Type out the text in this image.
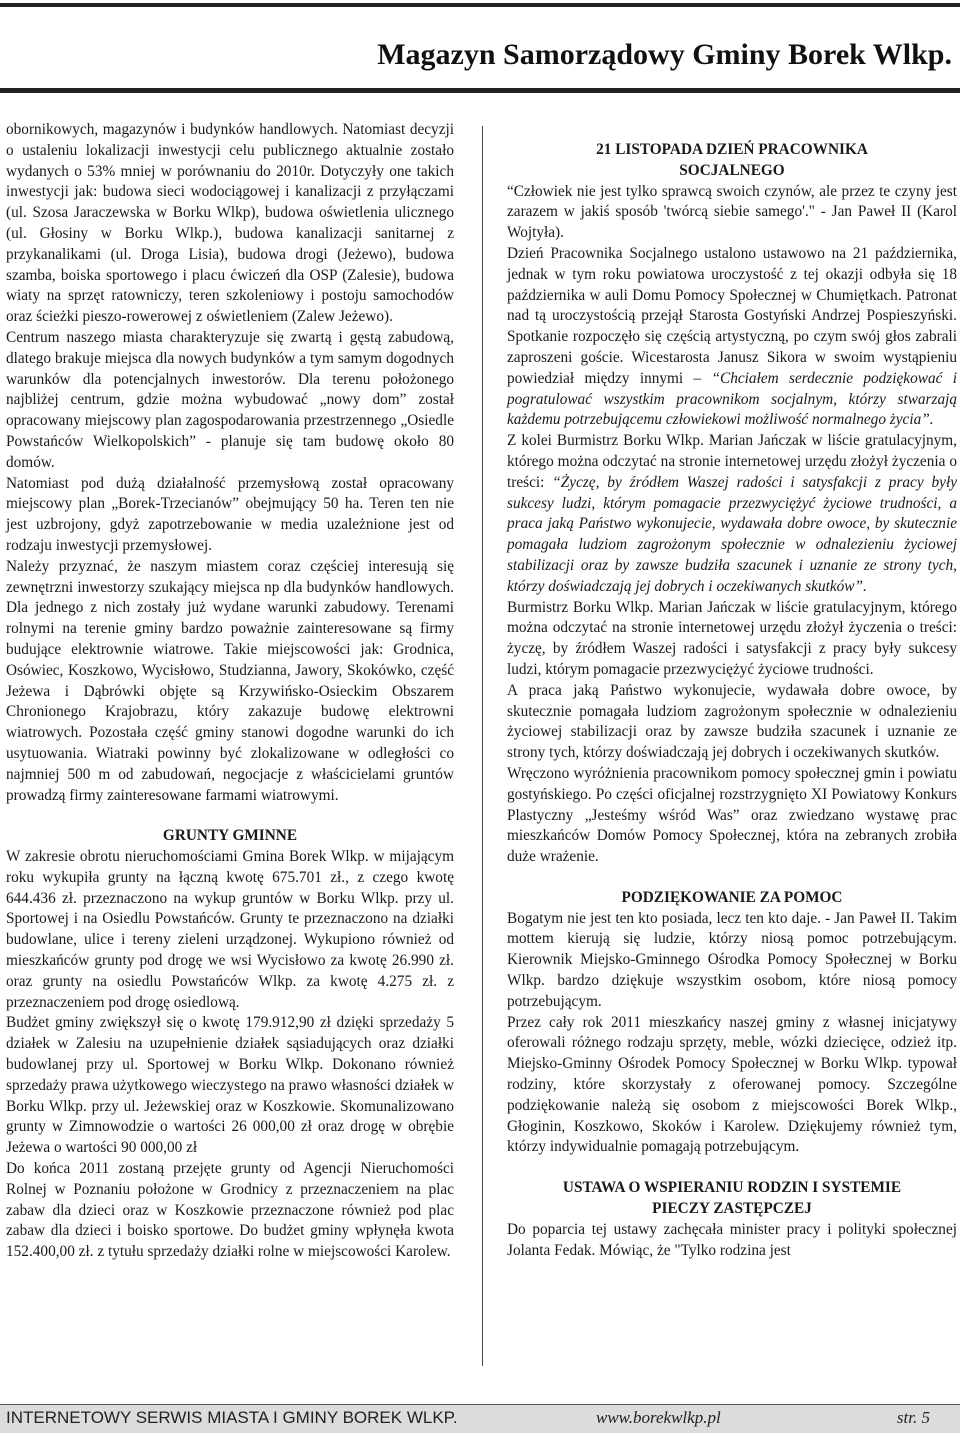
Magazyn Samorządowy Gminy Borek Wlkp.

obornikowych, magazynów i budynków handlowych. Natomiast decyzji o ustaleniu lokalizacji inwestycji celu publicznego aktualnie zostało wydanych o 53% mniej w porównaniu do 2010r. Dotyczyły one takich inwestycji jak: budowa sieci wodociągowej i kanalizacji z przyłączami (ul. Szosa Jaraczewska w Borku Wlkp), budowa oświetlenia ulicznego (ul. Głosiny w Borku Wlkp.), budowa kanalizacji sanitarnej z przykanalikami (ul. Droga Lisia), budowa drogi (Jeżewo), budowa szamba, boiska sportowego i placu ćwiczeń dla OSP (Zalesie), budowa wiaty na sprzęt ratowniczy, teren szkoleniowy i postoju samochodów oraz ścieżki pieszo-rowerowej z oświetleniem (Zalew Jeżewo).

Centrum naszego miasta charakteryzuje się zwartą i gęstą zabudową, dlatego brakuje miejsca dla nowych budynków a tym samym dogodnych warunków dla potencjalnych inwestorów. Dla terenu położonego najbliżej centrum, gdzie można wybudować „nowy dom” został opracowany miejscowy plan zagospodarowania przestrzennego „Osiedle Powstańców Wielkopolskich” - planuje się tam budowę około 80 domów.

Natomiast pod dużą działalność przemysłową został opracowany miejscowy plan „Borek-Trzecianów” obejmujący 50 ha. Teren ten nie jest uzbrojony, gdyż zapotrzebowanie w media uzależnione jest od rodzaju inwestycji przemysłowej.

Należy przyznać, że naszym miastem coraz częściej interesują się zewnętrzni inwestorzy szukający miejsca np dla budynków handlowych. Dla jednego z nich zostały już wydane warunki zabudowy. Terenami rolnymi na terenie gminy bardzo poważnie zainteresowane są firmy budujące elektrownie wiatrowe. Takie miejscowości jak: Grodnica, Osówiec, Koszkowo, Wycisłowo, Studzianna, Jawory, Skokówko, część Jeżewa i Dąbrówki objęte są Krzywińsko-Osieckim Obszarem Chronionego Krajobrazu, który zakazuje budowę elektrowni wiatrowych. Pozostała część gminy stanowi dogodne warunki do ich usytuowania. Wiatraki powinny być zlokalizowane w odległości co najmniej 500 m od zabudowań, negocjacje z właścicielami gruntów prowadzą firmy zainteresowane farmami wiatrowymi.

GRUNTY GMINNE

W zakresie obrotu nieruchomościami Gmina Borek Wlkp. w mijającym roku wykupiła grunty na łączną kwotę 675.701 zł., z czego kwotę 644.436 zł. przeznaczono na wykup gruntów w Borku Wlkp. przy ul. Sportowej i na Osiedlu Powstańców. Grunty te przeznaczono na działki budowlane, ulice i tereny zieleni urządzonej. Wykupiono również od mieszkańców grunty pod drogę we wsi Wycisłowo za kwotę 26.990 zł. oraz grunty na osiedlu Powstańców Wlkp. za kwotę 4.275 zł. z przeznaczeniem pod drogę osiedlową.

Budżet gminy zwiększył się o kwotę 179.912,90 zł dzięki sprzedaży 5 działek w Zalesiu na uzupełnienie działek sąsiadujących oraz działki budowlanej przy ul. Sportowej w Borku Wlkp. Dokonano również sprzedaży prawa użytkowego wieczystego na prawo własności działek w Borku Wlkp. przy ul. Jeżewskiej oraz w Koszkowie. Skomunalizowano grunty w Zimnowodzie o wartości 26 000,00 zł oraz drogę w obrębie Jeżewa o wartości 90 000,00 zł

Do końca 2011 zostaną przejęte grunty od Agencji Nieruchomości Rolnej w Poznaniu położone w Grodnicy z przeznaczeniem na plac zabaw dla dzieci oraz w Koszkowie przeznaczone również pod plac zabaw dla dzieci i boisko sportowe. Do budżet gminy wpłynęła kwota 152.400,00 zł. z tytułu sprzedaży działki rolne w miejscowości Karolew.

21 LISTOPADA DZIEŃ PRACOWNIKA
SOCJALNEGO

“Człowiek nie jest tylko sprawcą swoich czynów, ale przez te czyny jest zarazem w jakiś sposób 'twórcą siebie samego'." - Jan Paweł II (Karol Wojtyła).

Dzień Pracownika Socjalnego ustalono ustawowo na 21 października, jednak w tym roku powiatowa uroczystość z tej okazji odbyła się 18 października w auli Domu Pomocy Społecznej w Chumiętkach. Patronat nad tą uroczystością przejął Starosta Gostyński Andrzej Pospieszyński. Spotkanie rozpoczęło się częścią artystyczną, po czym swój głos zabrali zaproszeni goście. Wicestarosta Janusz Sikora w swoim wystąpieniu powiedział między innymi – “Chciałem serdecznie podziękować i pogratulować wszystkim pracownikom socjalnym, którzy stwarzają każdemu potrzebującemu człowiekowi możliwość normalnego życia”.

Z kolei Burmistrz Borku Wlkp. Marian Jańczak w liście gratulacyjnym, którego można odczytać na stronie internetowej urzędu złożył życzenia o treści: “Życzę, by źródłem Waszej radości i satysfakcji z pracy były sukcesy ludzi, którym pomagacie przezwyciężyć życiowe trudności, a praca jaką Państwo wykonujecie, wydawała dobre owoce, by skutecznie pomagała ludziom zagrożonym społecznie w odnalezieniu życiowej stabilizacji oraz by zawsze budziła szacunek i uznanie ze strony tych, którzy doświadczają jej dobrych i oczekiwanych skutków”.

Burmistrz Borku Wlkp. Marian Jańczak w liście gratulacyjnym, którego można odczytać na stronie internetowej urzędu złożył życzenia o treści: życzę, by źródłem Waszej radości i satysfakcji z pracy były sukcesy ludzi, którym pomagacie przezwyciężyć życiowe trudności.

A praca jaką Państwo wykonujecie, wydawała dobre owoce, by skutecznie pomagała ludziom zagrożonym społecznie w odnalezieniu życiowej stabilizacji oraz by zawsze budziła szacunek i uznanie ze strony tych, którzy doświadczają jej dobrych i oczekiwanych skutków.

Wręczono wyróżnienia pracownikom pomocy społecznej gmin i powiatu gostyńskiego. Po części oficjalnej rozstrzygnięto XI Powiatowy Konkurs Plastyczny „Jesteśmy wśród Was” oraz zwiedzano wystawę prac mieszkańców Domów Pomocy Społecznej, która na zebranych zrobiła duże wrażenie.

PODZIĘKOWANIE ZA POMOC

Bogatym nie jest ten kto posiada, lecz ten kto daje. - Jan Paweł II. Takim mottem kierują się ludzie, którzy niosą pomoc potrzebującym. Kierownik Miejsko-Gminnego Ośrodka Pomocy Społecznej w Borku Wlkp. bardzo dziękuje wszystkim osobom, które niosą pomocy potrzebującym.

Przez cały rok 2011 mieszkańcy naszej gminy z własnej inicjatywy oferowali różnego rodzaju sprzęty, meble, wózki dziecięce, odzież itp. Miejsko-Gminny Ośrodek Pomocy Społecznej w Borku Wlkp. typował rodziny, które skorzystały z oferowanej pomocy. Szczególne podziękowanie należą się osobom z miejscowości Borek Wlkp., Głoginin, Koszkowo, Skoków i Karolew. Dziękujemy również tym, którzy indywidualnie pomagają potrzebującym.

USTAWA O WSPIERANIU RODZIN I SYSTEMIE
PIECZY ZASTĘPCZEJ

Do poparcia tej ustawy zachęcała minister pracy i polityki społecznej Jolanta Fedak. Mówiąc, że "Tylko rodzina jest

INTERNETOWY SERWIS MIASTA I GMINY BOREK WLKP.	www.borekwlkp.pl	str. 5
